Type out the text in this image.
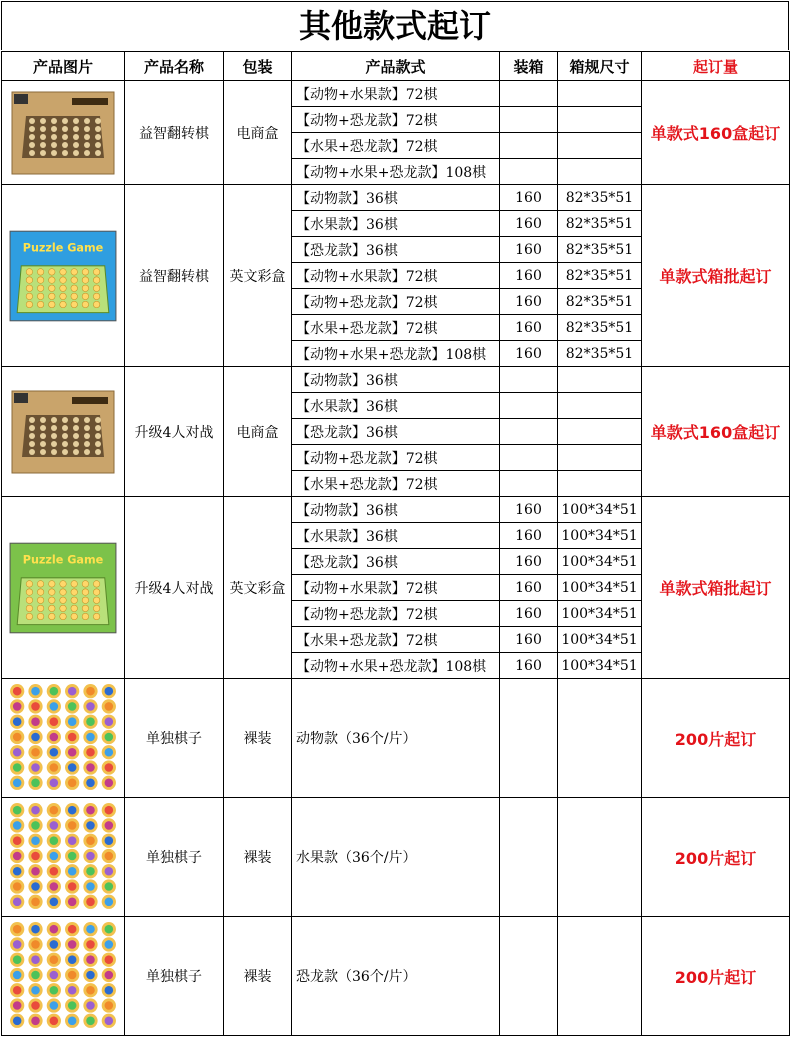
其他款式起订
产品图片	产品名称	包装	产品款式	装箱	箱规尺寸	起订量

	益智翻转棋	电商盒	【动物+水果款】72棋			单款式160盒起订
			【动物+恐龙款】72棋			
			【水果+恐龙款】72棋			
			【动物+水果+恐龙款】108棋			

Puzzle Game	益智翻转棋	英文彩盒	【动物款】36棋	160	82*35*51	单款式箱批起订
			【水果款】36棋	160	82*35*51	
			【恐龙款】36棋	160	82*35*51	
			【动物+水果款】72棋	160	82*35*51	
			【动物+恐龙款】72棋	160	82*35*51	
			【水果+恐龙款】72棋	160	82*35*51	
			【动物+水果+恐龙款】108棋	160	82*35*51	

	升级4人对战	电商盒	【动物款】36棋			单款式160盒起订
			【水果款】36棋			
			【恐龙款】36棋			
			【动物+恐龙款】72棋			
			【水果+恐龙款】72棋			

Puzzle Game	升级4人对战	英文彩盒	【动物款】36棋	160	100*34*51	单款式箱批起订
			【水果款】36棋	160	100*34*51	
			【恐龙款】36棋	160	100*34*51	
			【动物+水果款】72棋	160	100*34*51	
			【动物+恐龙款】72棋	160	100*34*51	
			【水果+恐龙款】72棋	160	100*34*51	
			【动物+水果+恐龙款】108棋	160	100*34*51	

	单独棋子	裸装	动物款（36个/片）			200片起订

	单独棋子	裸装	水果款（36个/片）			200片起订

	单独棋子	裸装	恐龙款（36个/片）			200片起订
